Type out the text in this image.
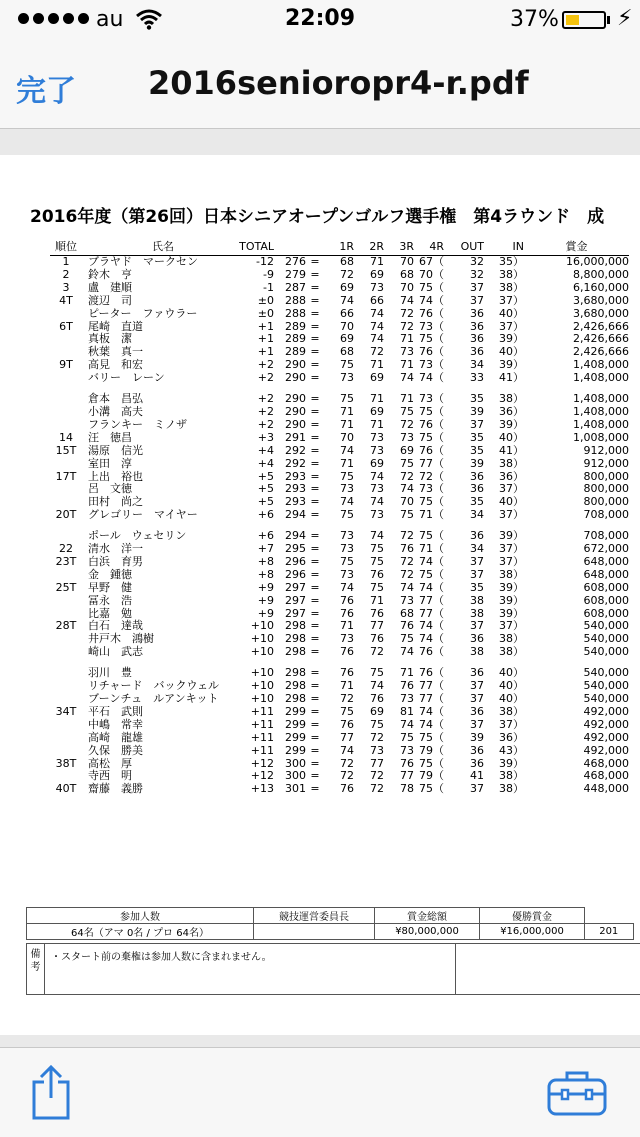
au	22:09	37%	⚡
完了 2016senioropr4-r.pdf
2016年度（第26回）日本シニアオープンゴルフ選手権　第4ラウンド　成
順位	氏名	TOTAL			1R	2R	3R	4R	OUT	IN	賞金
1	ブラヤド　マークセン	-12	276	=	68	71	70	67（	32	35）	16,000,000
2	鈴木　亨	-9	279	=	72	69	68	70（	32	38）	8,800,000
3	盧　建順	-1	287	=	69	73	70	75（	37	38）	6,160,000
4T	渡辺　司	±0	288	=	74	66	74	74（	37	37）	3,680,000
	ピーター　ファウラー	±0	288	=	66	74	72	76（	36	40）	3,680,000
6T	尾崎　直道	+1	289	=	70	74	72	73（	36	37）	2,426,666
	真板　潔	+1	289	=	69	74	71	75（	36	39）	2,426,666
	秋葉　真一	+1	289	=	68	72	73	76（	36	40）	2,426,666
9T	高見　和宏	+2	290	=	75	71	71	73（	34	39）	1,408,000
	バリー　レーン	+2	290	=	73	69	74	74（	33	41）	1,408,000

	倉本　昌弘	+2	290	=	75	71	71	73（	35	38）	1,408,000
	小溝　高夫	+2	290	=	71	69	75	75（	39	36）	1,408,000
	フランキー　ミノザ	+2	290	=	71	71	72	76（	37	39）	1,408,000
14	汪　徳昌	+3	291	=	70	73	73	75（	35	40）	1,008,000
15T	湯原　信光	+4	292	=	74	73	69	76（	35	41）	912,000
	室田　淳	+4	292	=	71	69	75	77（	39	38）	912,000
17T	上出　裕也	+5	293	=	75	74	72	72（	36	36）	800,000
	呂　文徳	+5	293	=	73	73	74	73（	36	37）	800,000
	田村　尚之	+5	293	=	74	74	70	75（	35	40）	800,000
20T	グレゴリー　マイヤー	+6	294	=	75	73	75	71（	34	37）	708,000

	ポール　ウェセリン	+6	294	=	73	74	72	75（	36	39）	708,000
22	清水　洋一	+7	295	=	73	75	76	71（	34	37）	672,000
23T	白浜　育男	+8	296	=	75	75	72	74（	37	37）	648,000
	金　鍾徳	+8	296	=	73	76	72	75（	37	38）	648,000
25T	早野　健	+9	297	=	74	75	74	74（	35	39）	608,000
	冨永　浩	+9	297	=	76	71	73	77（	38	39）	608,000
	比嘉　勉	+9	297	=	76	76	68	77（	38	39）	608,000
28T	白石　達哉	+10	298	=	71	77	76	74（	37	37）	540,000
	井戸木　鴻樹	+10	298	=	73	76	75	74（	36	38）	540,000
	崎山　武志	+10	298	=	76	72	74	76（	38	38）	540,000

	羽川　豊	+10	298	=	76	75	71	76（	36	40）	540,000
	リチャード　バックウェル	+10	298	=	71	74	76	77（	37	40）	540,000
	ブーンチュ　ルアンキット	+10	298	=	72	76	73	77（	37	40）	540,000
34T	平石　武則	+11	299	=	75	69	81	74（	36	38）	492,000
	中嶋　常幸	+11	299	=	76	75	74	74（	37	37）	492,000
	高崎　龍雄	+11	299	=	77	72	75	75（	39	36）	492,000
	久保　勝美	+11	299	=	74	73	73	79（	36	43）	492,000
38T	高松　厚	+12	300	=	72	77	76	75（	36	39）	468,000
	寺西　明	+12	300	=	72	72	77	79（	41	38）	468,000
40T	齋藤　義勝	+13	301	=	76	72	78	75（	37	38）	448,000
参加人数	競技運営委員長	賞金総額	優勝賞金	
64名（アマ 0名 / プロ 64名）		¥80,000,000	¥16,000,000	201
備考
・スタート前の棄権は参加人数に含まれません。
